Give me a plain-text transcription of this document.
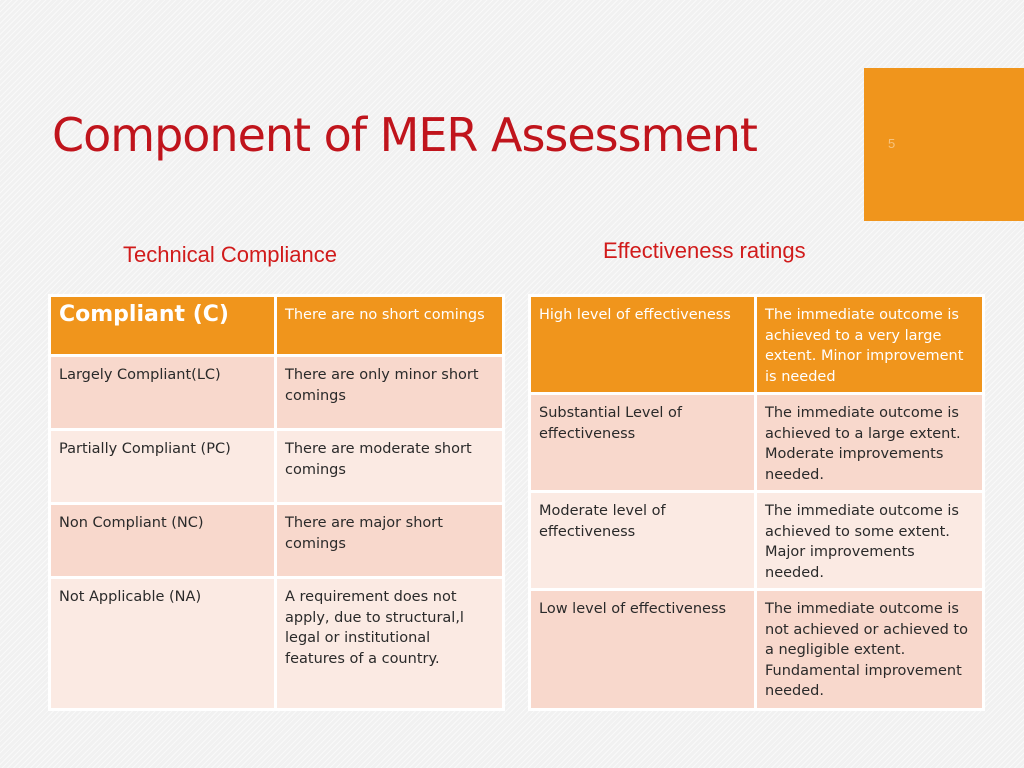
Component of MER Assessment	5
Technical Compliance	Effectiveness ratings
Compliant (C)	There are no short comings
Largely Compliant(LC)	There are only minor short comings
Partially Compliant (PC)	There are moderate short comings
Non Compliant (NC)	There are major short comings
Not Applicable (NA)	A requirement does not apply, due to structural,l legal or institutional features of a country.
High level of effectiveness	The immediate outcome is achieved to a very large extent. Minor improvement is needed
Substantial Level of effectiveness	The immediate outcome is achieved to a large extent. Moderate improvements needed.
Moderate level of effectiveness	The immediate outcome is achieved to some extent. Major improvements needed.
Low level of effectiveness	The immediate outcome is not achieved or achieved to a negligible extent. Fundamental improvement needed.
